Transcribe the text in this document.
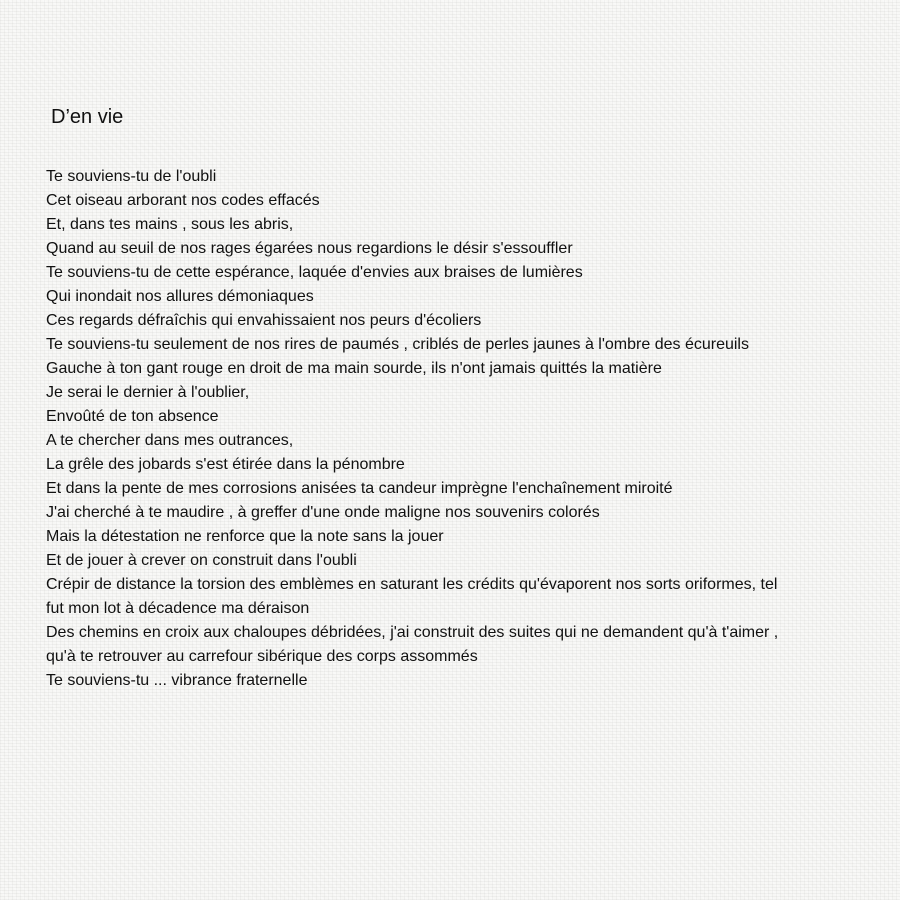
D’en vie
Te souviens-tu de l'oubli
Cet oiseau arborant nos codes effacés
Et, dans tes mains , sous les abris,
Quand au seuil de nos rages égarées nous regardions le désir s'essouffler
Te souviens-tu de cette espérance, laquée d'envies aux braises de lumières
Qui inondait nos allures démoniaques
Ces regards défraîchis qui envahissaient nos peurs d'écoliers
Te souviens-tu seulement de nos rires de paumés , criblés de perles jaunes à l'ombre des écureuils
Gauche à ton gant rouge en droit de ma main sourde, ils n'ont jamais quittés la matière
Je serai le dernier à l'oublier,
Envoûté de ton absence
A te chercher dans mes outrances,
La grêle des jobards s'est étirée dans la pénombre
Et dans la pente de mes corrosions anisées ta candeur imprègne l'enchaînement miroité
J'ai cherché à te maudire , à greffer d'une onde maligne nos souvenirs colorés
Mais la détestation ne renforce que la note sans la jouer
Et de jouer à crever on construit dans l'oubli
Crépir de distance la torsion des emblèmes en saturant les crédits qu'évaporent nos sorts oriformes, tel
fut mon lot à décadence ma déraison
Des chemins en croix aux chaloupes débridées, j'ai construit des suites qui ne demandent qu'à t'aimer ,
qu'à te retrouver au carrefour sibérique des corps assommés
Te souviens-tu ... vibrance fraternelle
